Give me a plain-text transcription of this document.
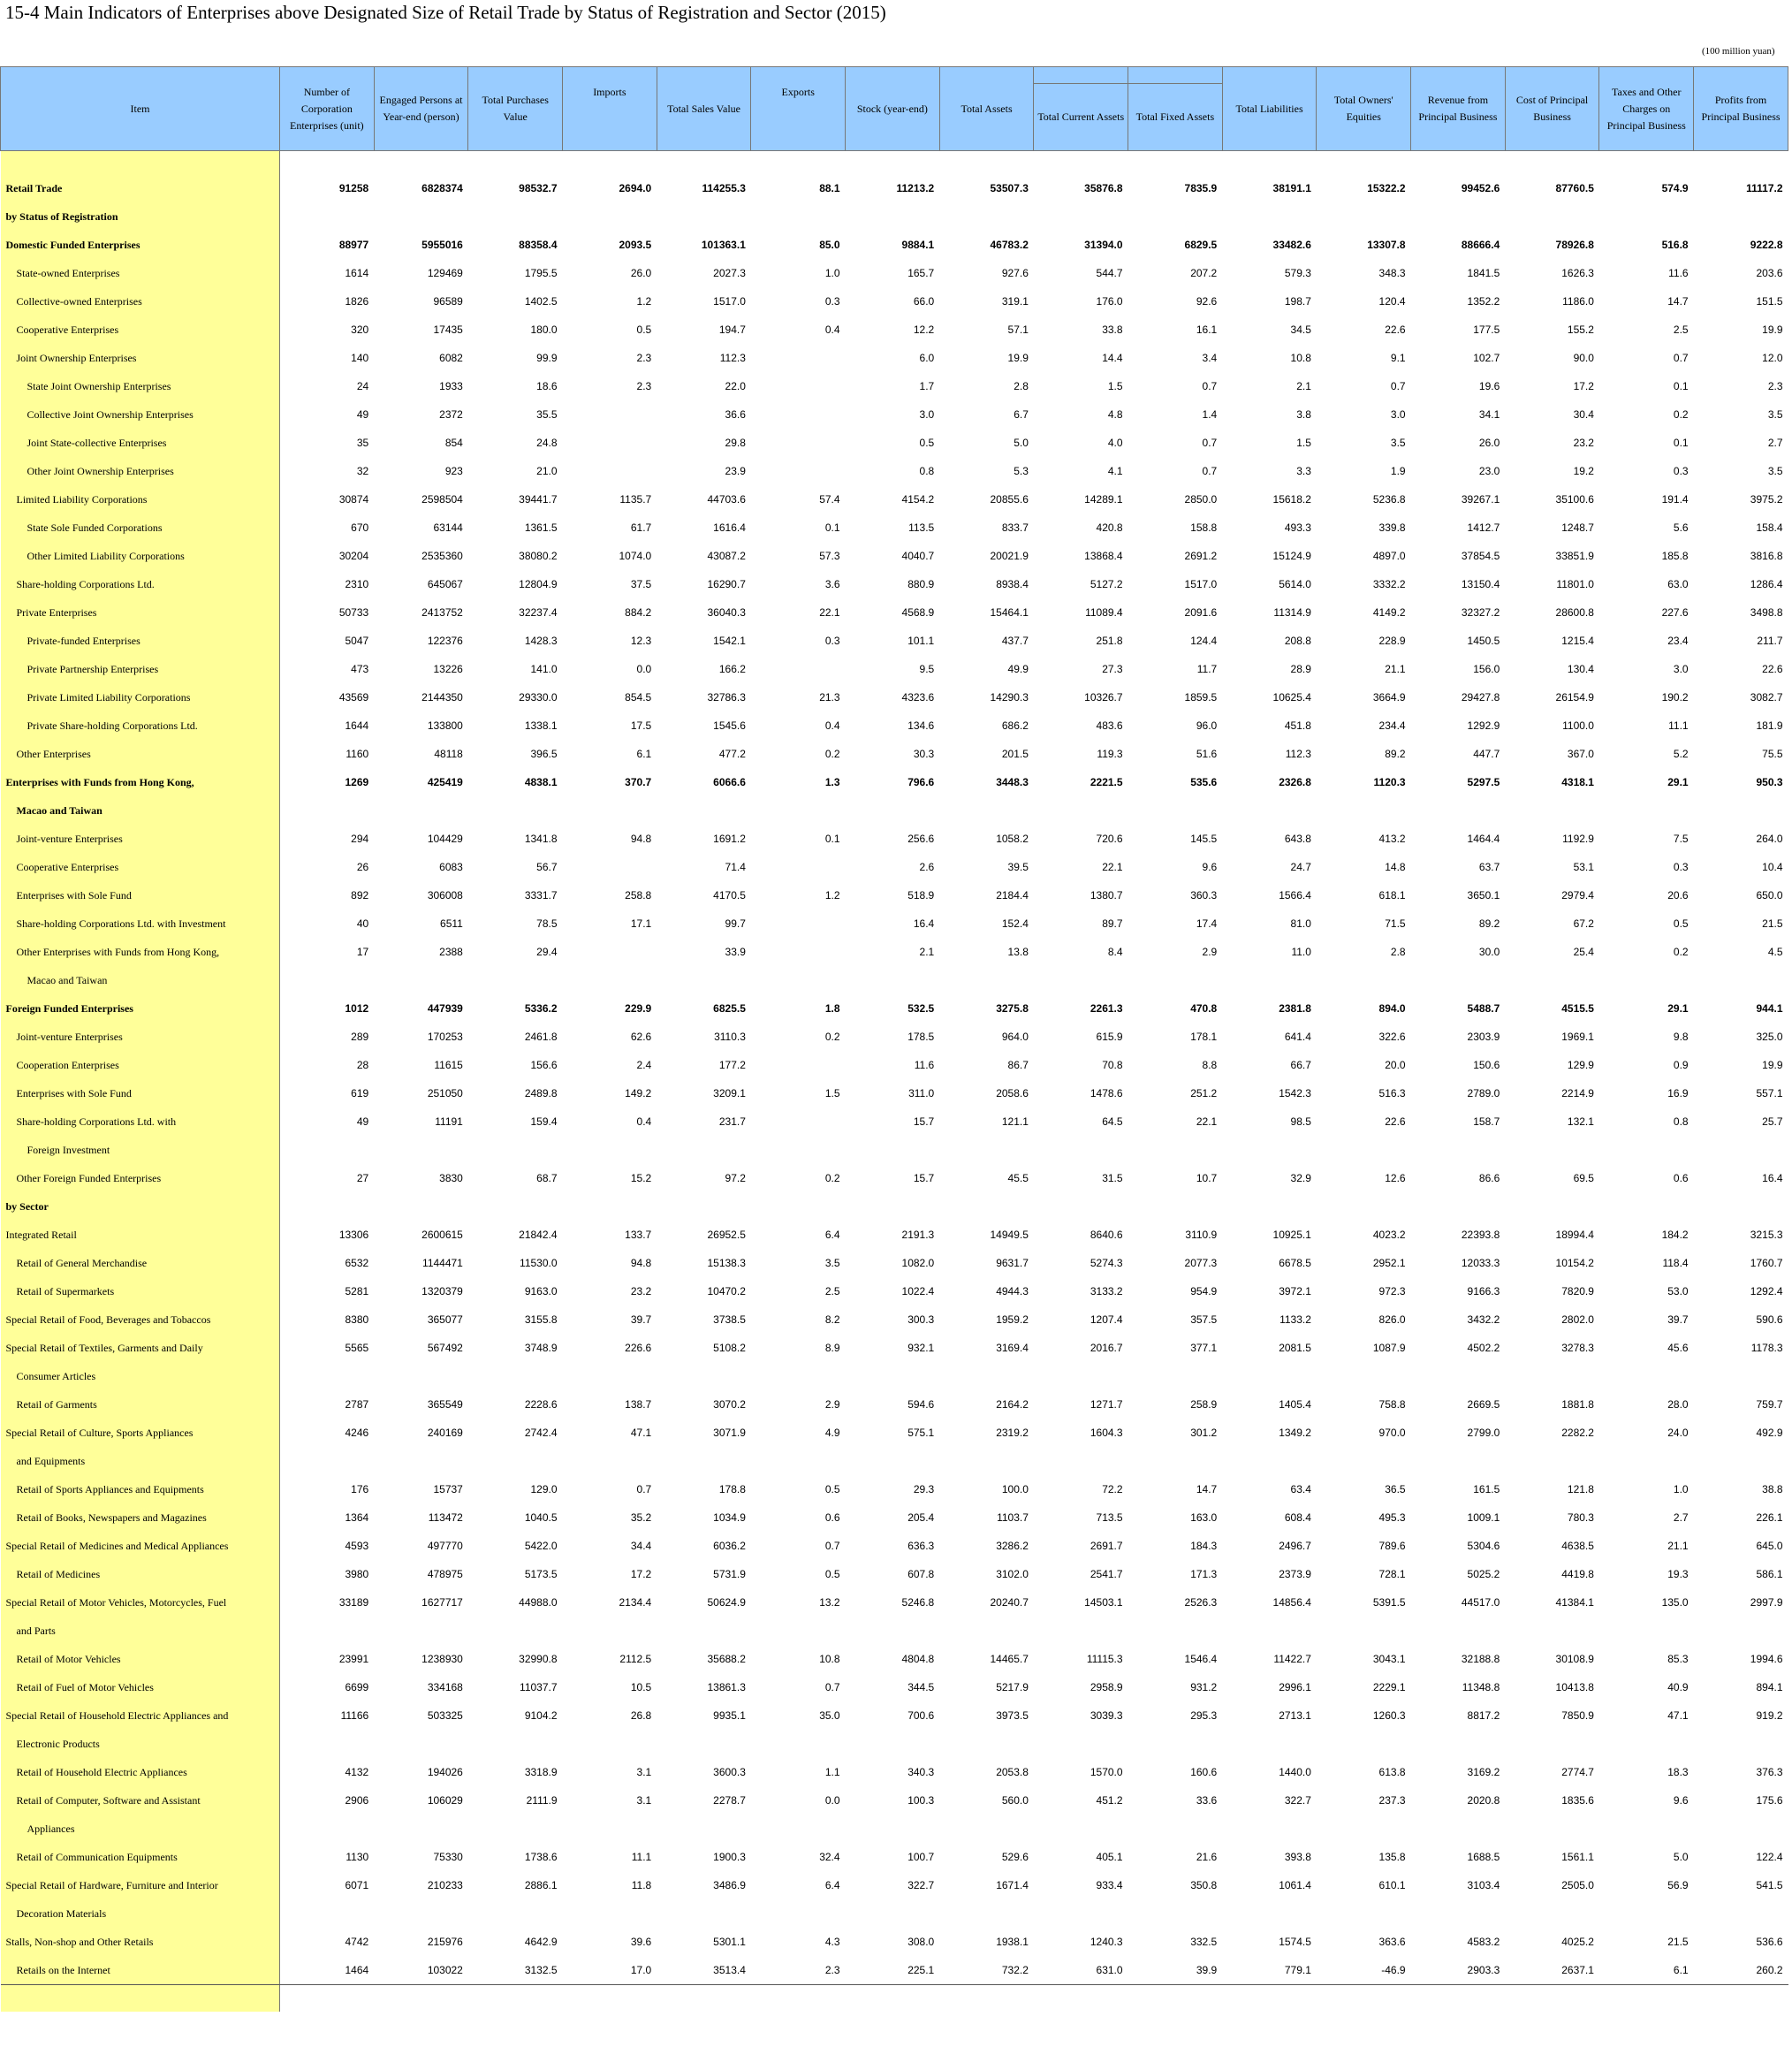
15-4 Main Indicators of Enterprises above Designated Size of Retail Trade by Status of Registration and Sector (2015)
(100 million yuan)
Item	Number of Corporation Enterprises (unit)	Engaged Persons at Year-end (person)	Total Purchases Value		Total Sales Value		Stock (year-end)	Total Assets			Total Liabilities	Total Owners' Equities	Revenue from Principal Business	Cost of Principal Business	Taxes and Other Charges on Principal Business	Profits from Principal Business
				Imports		Exports			Total Current Assets	Total Fixed Assets						

Retail Trade	91258	6828374	98532.7	2694.0	114255.3	88.1	11213.2	53507.3	35876.8	7835.9	38191.1	15322.2	99452.6	87760.5	574.9	11117.2
by Status of Registration																
Domestic Funded Enterprises	88977	5955016	88358.4	2093.5	101363.1	85.0	9884.1	46783.2	31394.0	6829.5	33482.6	13307.8	88666.4	78926.8	516.8	9222.8
State-owned Enterprises	1614	129469	1795.5	26.0	2027.3	1.0	165.7	927.6	544.7	207.2	579.3	348.3	1841.5	1626.3	11.6	203.6
Collective-owned Enterprises	1826	96589	1402.5	1.2	1517.0	0.3	66.0	319.1	176.0	92.6	198.7	120.4	1352.2	1186.0	14.7	151.5
Cooperative Enterprises	320	17435	180.0	0.5	194.7	0.4	12.2	57.1	33.8	16.1	34.5	22.6	177.5	155.2	2.5	19.9
Joint Ownership Enterprises	140	6082	99.9	2.3	112.3		6.0	19.9	14.4	3.4	10.8	9.1	102.7	90.0	0.7	12.0
State Joint Ownership Enterprises	24	1933	18.6	2.3	22.0		1.7	2.8	1.5	0.7	2.1	0.7	19.6	17.2	0.1	2.3
Collective Joint Ownership Enterprises	49	2372	35.5		36.6		3.0	6.7	4.8	1.4	3.8	3.0	34.1	30.4	0.2	3.5
Joint State-collective Enterprises	35	854	24.8		29.8		0.5	5.0	4.0	0.7	1.5	3.5	26.0	23.2	0.1	2.7
Other Joint Ownership Enterprises	32	923	21.0		23.9		0.8	5.3	4.1	0.7	3.3	1.9	23.0	19.2	0.3	3.5
Limited Liability Corporations	30874	2598504	39441.7	1135.7	44703.6	57.4	4154.2	20855.6	14289.1	2850.0	15618.2	5236.8	39267.1	35100.6	191.4	3975.2
State Sole Funded Corporations	670	63144	1361.5	61.7	1616.4	0.1	113.5	833.7	420.8	158.8	493.3	339.8	1412.7	1248.7	5.6	158.4
Other Limited Liability Corporations	30204	2535360	38080.2	1074.0	43087.2	57.3	4040.7	20021.9	13868.4	2691.2	15124.9	4897.0	37854.5	33851.9	185.8	3816.8
Share-holding Corporations Ltd.	2310	645067	12804.9	37.5	16290.7	3.6	880.9	8938.4	5127.2	1517.0	5614.0	3332.2	13150.4	11801.0	63.0	1286.4
Private Enterprises	50733	2413752	32237.4	884.2	36040.3	22.1	4568.9	15464.1	11089.4	2091.6	11314.9	4149.2	32327.2	28600.8	227.6	3498.8
Private-funded Enterprises	5047	122376	1428.3	12.3	1542.1	0.3	101.1	437.7	251.8	124.4	208.8	228.9	1450.5	1215.4	23.4	211.7
Private Partnership Enterprises	473	13226	141.0	0.0	166.2		9.5	49.9	27.3	11.7	28.9	21.1	156.0	130.4	3.0	22.6
Private Limited Liability Corporations	43569	2144350	29330.0	854.5	32786.3	21.3	4323.6	14290.3	10326.7	1859.5	10625.4	3664.9	29427.8	26154.9	190.2	3082.7
Private Share-holding Corporations Ltd.	1644	133800	1338.1	17.5	1545.6	0.4	134.6	686.2	483.6	96.0	451.8	234.4	1292.9	1100.0	11.1	181.9
Other Enterprises	1160	48118	396.5	6.1	477.2	0.2	30.3	201.5	119.3	51.6	112.3	89.2	447.7	367.0	5.2	75.5
Enterprises with Funds from Hong Kong,	1269	425419	4838.1	370.7	6066.6	1.3	796.6	3448.3	2221.5	535.6	2326.8	1120.3	5297.5	4318.1	29.1	950.3
Macao and Taiwan																
Joint-venture Enterprises	294	104429	1341.8	94.8	1691.2	0.1	256.6	1058.2	720.6	145.5	643.8	413.2	1464.4	1192.9	7.5	264.0
Cooperative Enterprises	26	6083	56.7		71.4		2.6	39.5	22.1	9.6	24.7	14.8	63.7	53.1	0.3	10.4
Enterprises with Sole Fund	892	306008	3331.7	258.8	4170.5	1.2	518.9	2184.4	1380.7	360.3	1566.4	618.1	3650.1	2979.4	20.6	650.0
Share-holding Corporations Ltd. with Investment	40	6511	78.5	17.1	99.7		16.4	152.4	89.7	17.4	81.0	71.5	89.2	67.2	0.5	21.5
Other Enterprises with Funds from Hong Kong,	17	2388	29.4		33.9		2.1	13.8	8.4	2.9	11.0	2.8	30.0	25.4	0.2	4.5
Macao and Taiwan																
Foreign Funded Enterprises	1012	447939	5336.2	229.9	6825.5	1.8	532.5	3275.8	2261.3	470.8	2381.8	894.0	5488.7	4515.5	29.1	944.1
Joint-venture Enterprises	289	170253	2461.8	62.6	3110.3	0.2	178.5	964.0	615.9	178.1	641.4	322.6	2303.9	1969.1	9.8	325.0
Cooperation Enterprises	28	11615	156.6	2.4	177.2		11.6	86.7	70.8	8.8	66.7	20.0	150.6	129.9	0.9	19.9
Enterprises with Sole Fund	619	251050	2489.8	149.2	3209.1	1.5	311.0	2058.6	1478.6	251.2	1542.3	516.3	2789.0	2214.9	16.9	557.1
Share-holding Corporations Ltd. with	49	11191	159.4	0.4	231.7		15.7	121.1	64.5	22.1	98.5	22.6	158.7	132.1	0.8	25.7
Foreign Investment																
Other Foreign Funded Enterprises	27	3830	68.7	15.2	97.2	0.2	15.7	45.5	31.5	10.7	32.9	12.6	86.6	69.5	0.6	16.4
by Sector																
Integrated Retail	13306	2600615	21842.4	133.7	26952.5	6.4	2191.3	14949.5	8640.6	3110.9	10925.1	4023.2	22393.8	18994.4	184.2	3215.3
Retail of General Merchandise	6532	1144471	11530.0	94.8	15138.3	3.5	1082.0	9631.7	5274.3	2077.3	6678.5	2952.1	12033.3	10154.2	118.4	1760.7
Retail of Supermarkets	5281	1320379	9163.0	23.2	10470.2	2.5	1022.4	4944.3	3133.2	954.9	3972.1	972.3	9166.3	7820.9	53.0	1292.4
Special Retail of Food, Beverages and Tobaccos	8380	365077	3155.8	39.7	3738.5	8.2	300.3	1959.2	1207.4	357.5	1133.2	826.0	3432.2	2802.0	39.7	590.6
Special Retail of Textiles, Garments and Daily	5565	567492	3748.9	226.6	5108.2	8.9	932.1	3169.4	2016.7	377.1	2081.5	1087.9	4502.2	3278.3	45.6	1178.3
Consumer Articles																
Retail of Garments	2787	365549	2228.6	138.7	3070.2	2.9	594.6	2164.2	1271.7	258.9	1405.4	758.8	2669.5	1881.8	28.0	759.7
Special Retail of Culture, Sports Appliances	4246	240169	2742.4	47.1	3071.9	4.9	575.1	2319.2	1604.3	301.2	1349.2	970.0	2799.0	2282.2	24.0	492.9
and Equipments																
Retail of Sports Appliances and Equipments	176	15737	129.0	0.7	178.8	0.5	29.3	100.0	72.2	14.7	63.4	36.5	161.5	121.8	1.0	38.8
Retail of Books, Newspapers and Magazines	1364	113472	1040.5	35.2	1034.9	0.6	205.4	1103.7	713.5	163.0	608.4	495.3	1009.1	780.3	2.7	226.1
Special Retail of Medicines and Medical Appliances	4593	497770	5422.0	34.4	6036.2	0.7	636.3	3286.2	2691.7	184.3	2496.7	789.6	5304.6	4638.5	21.1	645.0
Retail of Medicines	3980	478975	5173.5	17.2	5731.9	0.5	607.8	3102.0	2541.7	171.3	2373.9	728.1	5025.2	4419.8	19.3	586.1
Special Retail of Motor Vehicles, Motorcycles, Fuel	33189	1627717	44988.0	2134.4	50624.9	13.2	5246.8	20240.7	14503.1	2526.3	14856.4	5391.5	44517.0	41384.1	135.0	2997.9
and Parts																
Retail of Motor Vehicles	23991	1238930	32990.8	2112.5	35688.2	10.8	4804.8	14465.7	11115.3	1546.4	11422.7	3043.1	32188.8	30108.9	85.3	1994.6
Retail of Fuel of Motor Vehicles	6699	334168	11037.7	10.5	13861.3	0.7	344.5	5217.9	2958.9	931.2	2996.1	2229.1	11348.8	10413.8	40.9	894.1
Special Retail of Household Electric Appliances and	11166	503325	9104.2	26.8	9935.1	35.0	700.6	3973.5	3039.3	295.3	2713.1	1260.3	8817.2	7850.9	47.1	919.2
Electronic Products																
Retail of Household Electric Appliances	4132	194026	3318.9	3.1	3600.3	1.1	340.3	2053.8	1570.0	160.6	1440.0	613.8	3169.2	2774.7	18.3	376.3
Retail of Computer, Software and Assistant	2906	106029	2111.9	3.1	2278.7	0.0	100.3	560.0	451.2	33.6	322.7	237.3	2020.8	1835.6	9.6	175.6
Appliances																
Retail of Communication Equipments	1130	75330	1738.6	11.1	1900.3	32.4	100.7	529.6	405.1	21.6	393.8	135.8	1688.5	1561.1	5.0	122.4
Special Retail of Hardware, Furniture and Interior	6071	210233	2886.1	11.8	3486.9	6.4	322.7	1671.4	933.4	350.8	1061.4	610.1	3103.4	2505.0	56.9	541.5
Decoration Materials																
Stalls, Non-shop and Other Retails	4742	215976	4642.9	39.6	5301.1	4.3	308.0	1938.1	1240.3	332.5	1574.5	363.6	4583.2	4025.2	21.5	536.6
Retails on the Internet	1464	103022	3132.5	17.0	3513.4	2.3	225.1	732.2	631.0	39.9	779.1	-46.9	2903.3	2637.1	6.1	260.2
